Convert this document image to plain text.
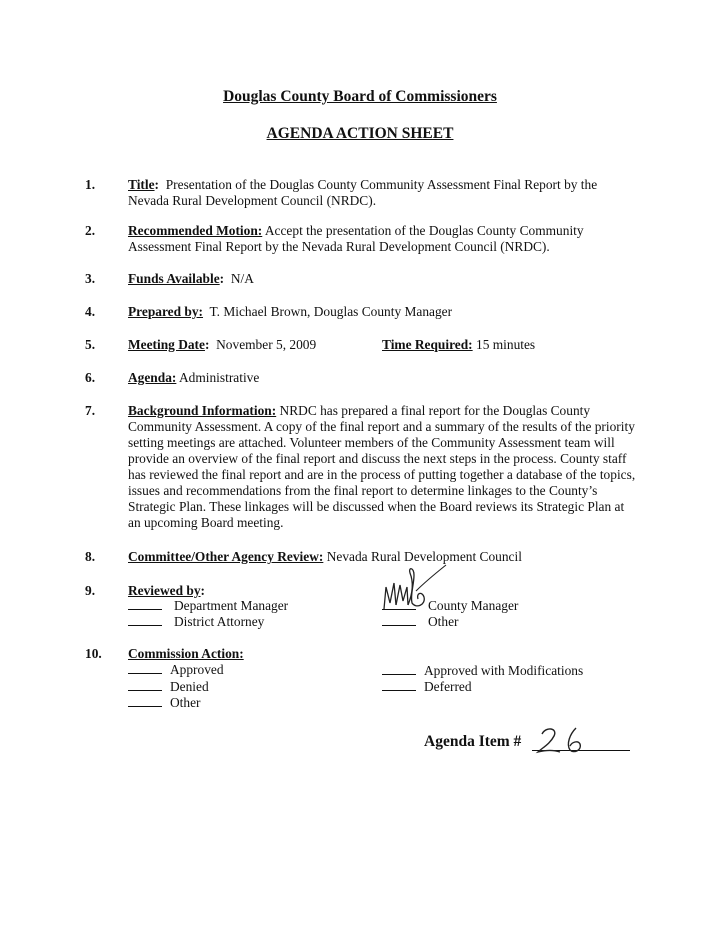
Douglas County Board of Commissioners
AGENDA ACTION SHEET
1. Title: Presentation of the Douglas County Community Assessment Final Report by the Nevada Rural Development Council (NRDC).
2. Recommended Motion: Accept the presentation of the Douglas County Community Assessment Final Report by the Nevada Rural Development Council (NRDC).
3. Funds Available: N/A
4. Prepared by: T. Michael Brown, Douglas County Manager
5. Meeting Date: November 5, 2009	Time Required: 15 minutes
6. Agenda: Administrative
7. Background Information: NRDC has prepared a final report for the Douglas County Community Assessment. A copy of the final report and a summary of the results of the priority setting meetings are attached. Volunteer members of the Community Assessment team will provide an overview of the final report and discuss the next steps in the process. County staff has reviewed the final report and are in the process of putting together a database of the topics, issues and recommendations from the final report to determine linkages to the County’s Strategic Plan. These linkages will be discussed when the Board reviews its Strategic Plan at an upcoming Board meeting.
8. Committee/Other Agency Review: Nevada Rural Development Council
9. Reviewed by:
Department Manager
District Attorney
County Manager
Other
10. Commission Action:
Approved
Denied
Other
Approved with Modifications
Deferred
Agenda Item #
